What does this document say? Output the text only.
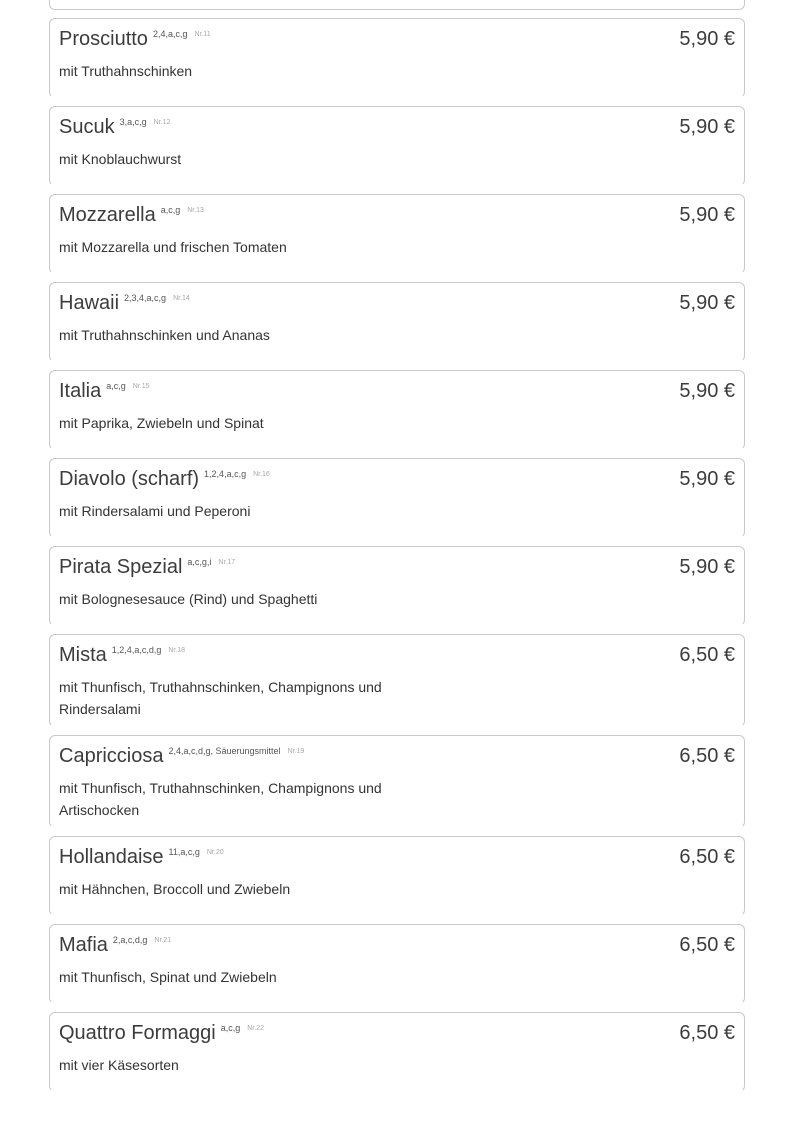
Prosciutto 2,4,a,c,g Nr.11	5,90 €
mit Truthahnschinken
Sucuk 3,a,c,g Nr.12	5,90 €
mit Knoblauchwurst
Mozzarella a,c,g Nr.13	5,90 €
mit Mozzarella und frischen Tomaten
Hawaii 2,3,4,a,c,g Nr.14	5,90 €
mit Truthahnschinken und Ananas
Italia a,c,g Nr.15	5,90 €
mit Paprika, Zwiebeln und Spinat
Diavolo (scharf) 1,2,4,a,c,g Nr.16	5,90 €
mit Rindersalami und Peperoni
Pirata Spezial a,c,g,i Nr.17	5,90 €
mit Bolognesesauce (Rind) und Spaghetti
Mista 1,2,4,a,c,d,g Nr.18	6,50 €
mit Thunfisch, Truthahnschinken, Champignons und Rindersalami
Capricciosa 2,4,a,c,d,g, Säuerungsmittel Nr.19	6,50 €
mit Thunfisch, Truthahnschinken, Champignons und Artischocken
Hollandaise 11,a,c,g Nr.20	6,50 €
mit Hähnchen, Broccoll und Zwiebeln
Mafia 2,a,c,d,g Nr.21	6,50 €
mit Thunfisch, Spinat und Zwiebeln
Quattro Formaggi a,c,g Nr.22	6,50 €
mit vier Käsesorten
